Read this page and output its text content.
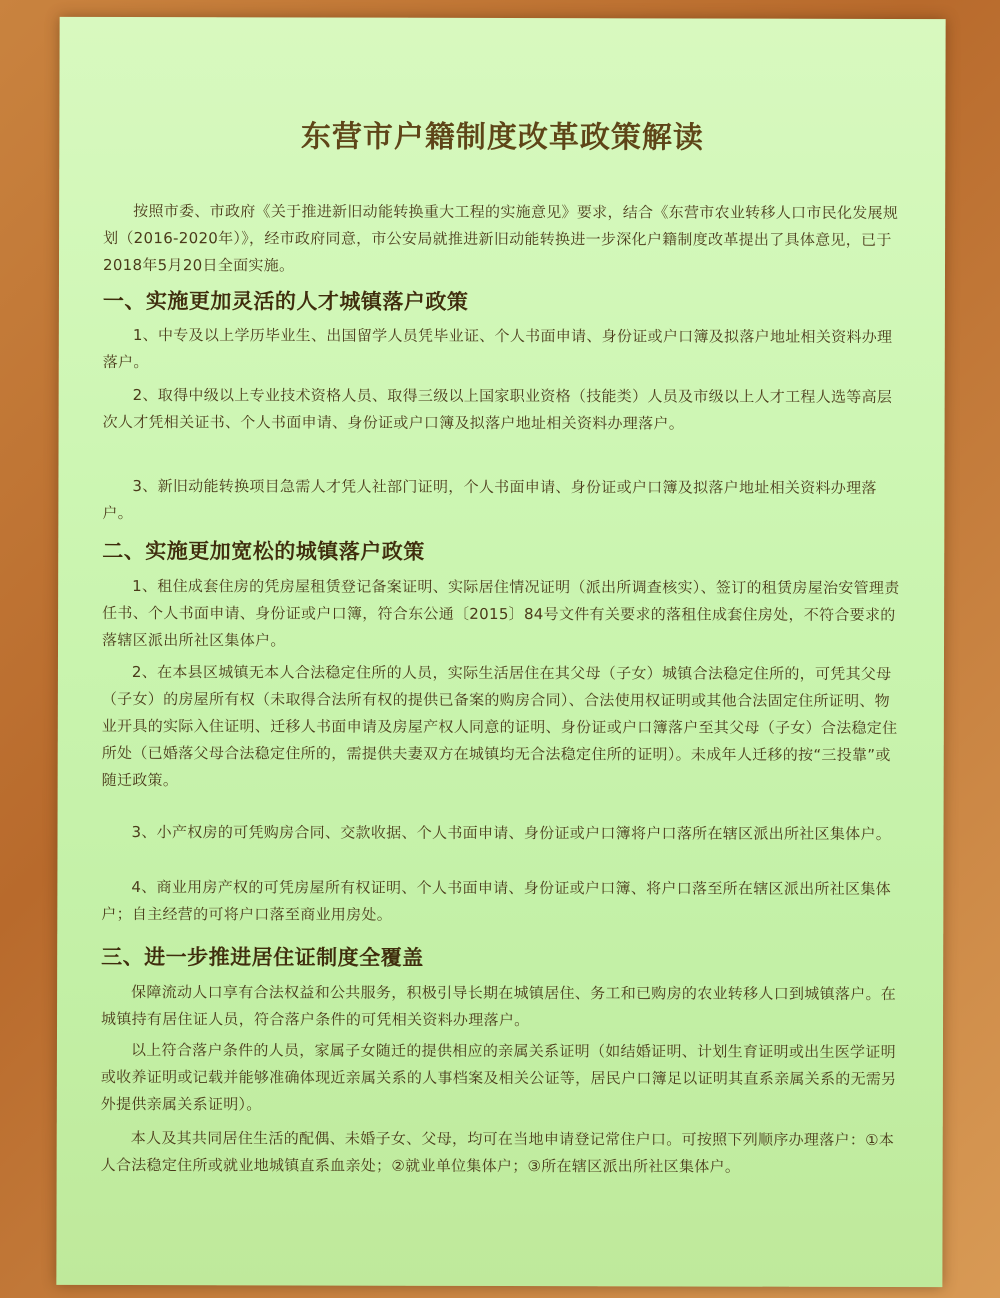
东营市户籍制度改革政策解读

按照市委、市政府《关于推进新旧动能转换重大工程的实施意见》要求，结合《东营市农业转移人口市民化发展规划（2016-2020年）》，经市政府同意，市公安局就推进新旧动能转换进一步深化户籍制度改革提出了具体意见，已于2018年5月20日全面实施。

一、实施更加灵活的人才城镇落户政策

1、中专及以上学历毕业生、出国留学人员凭毕业证、个人书面申请、身份证或户口簿及拟落户地址相关资料办理落户。

2、取得中级以上专业技术资格人员、取得三级以上国家职业资格（技能类）人员及市级以上人才工程人选等高层次人才凭相关证书、个人书面申请、身份证或户口簿及拟落户地址相关资料办理落户。

3、新旧动能转换项目急需人才凭人社部门证明，个人书面申请、身份证或户口簿及拟落户地址相关资料办理落户。

二、实施更加宽松的城镇落户政策

1、租住成套住房的凭房屋租赁登记备案证明、实际居住情况证明（派出所调查核实）、签订的租赁房屋治安管理责任书、个人书面申请、身份证或户口簿，符合东公通〔2015〕84号文件有关要求的落租住成套住房处，不符合要求的落辖区派出所社区集体户。

2、在本县区城镇无本人合法稳定住所的人员，实际生活居住在其父母（子女）城镇合法稳定住所的，可凭其父母（子女）的房屋所有权（未取得合法所有权的提供已备案的购房合同）、合法使用权证明或其他合法固定住所证明、物业开具的实际入住证明、迁移人书面申请及房屋产权人同意的证明、身份证或户口簿落户至其父母（子女）合法稳定住所处（已婚落父母合法稳定住所的，需提供夫妻双方在城镇均无合法稳定住所的证明）。未成年人迁移的按“三投靠”或随迁政策。

3、小产权房的可凭购房合同、交款收据、个人书面申请、身份证或户口簿将户口落所在辖区派出所社区集体户。

4、商业用房产权的可凭房屋所有权证明、个人书面申请、身份证或户口簿、将户口落至所在辖区派出所社区集体户；自主经营的可将户口落至商业用房处。

三、进一步推进居住证制度全覆盖

保障流动人口享有合法权益和公共服务，积极引导长期在城镇居住、务工和已购房的农业转移人口到城镇落户。在城镇持有居住证人员，符合落户条件的可凭相关资料办理落户。

以上符合落户条件的人员，家属子女随迁的提供相应的亲属关系证明（如结婚证明、计划生育证明或出生医学证明或收养证明或记载并能够准确体现近亲属关系的人事档案及相关公证等，居民户口簿足以证明其直系亲属关系的无需另外提供亲属关系证明）。

本人及其共同居住生活的配偶、未婚子女、父母，均可在当地申请登记常住户口。可按照下列顺序办理落户：①本人合法稳定住所或就业地城镇直系血亲处；②就业单位集体户；③所在辖区派出所社区集体户。
